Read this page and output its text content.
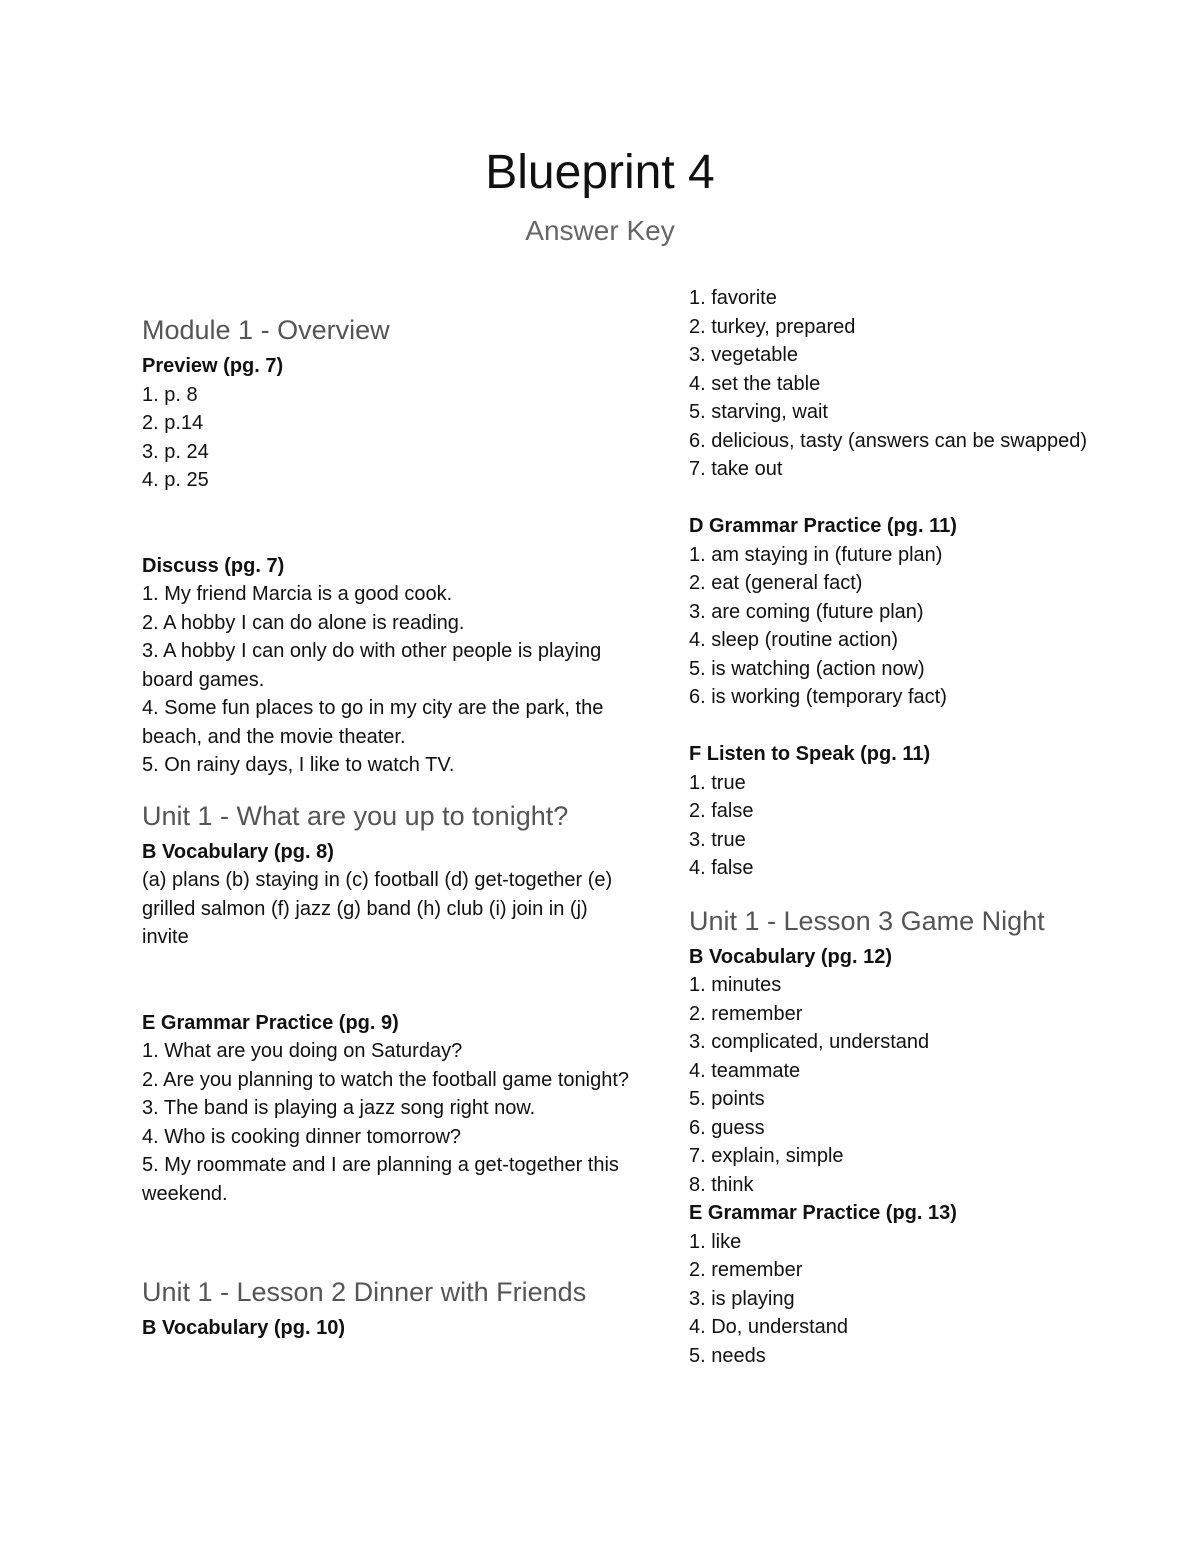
Blueprint 4
Answer Key
Module 1 - Overview
Preview (pg. 7)
1. p. 8
2. p.14
3. p. 24
4. p. 25
Discuss (pg. 7)
1. My friend Marcia is a good cook.
2. A hobby I can do alone is reading.
3. A hobby I can only do with other people is playing board games.
4. Some fun places to go in my city are the park, the beach, and the movie theater.
5. On rainy days, I like to watch TV.
Unit 1 - What are you up to tonight?
B Vocabulary (pg. 8)
(a) plans (b) staying in (c) football (d) get-together (e) grilled salmon (f) jazz (g) band (h) club (i) join in (j) invite
E Grammar Practice (pg. 9)
1. What are you doing on Saturday?
2. Are you planning to watch the football game tonight?
3. The band is playing a jazz song right now.
4. Who is cooking dinner tomorrow?
5. My roommate and I are planning a get-together this weekend.
Unit 1 - Lesson 2 Dinner with Friends
B Vocabulary (pg. 10)
1. favorite
2. turkey, prepared
3. vegetable
4. set the table
5. starving, wait
6. delicious, tasty (answers can be swapped)
7. take out
D Grammar Practice (pg. 11)
1. am staying in (future plan)
2. eat (general fact)
3. are coming (future plan)
4. sleep (routine action)
5. is watching (action now)
6. is working (temporary fact)
F Listen to Speak (pg. 11)
1. true
2. false
3. true
4. false
Unit 1 - Lesson 3 Game Night
B Vocabulary (pg. 12)
1. minutes
2. remember
3. complicated, understand
4. teammate
5. points
6. guess
7. explain, simple
8. think
E Grammar Practice (pg. 13)
1. like
2. remember
3. is playing
4. Do, understand
5. needs
